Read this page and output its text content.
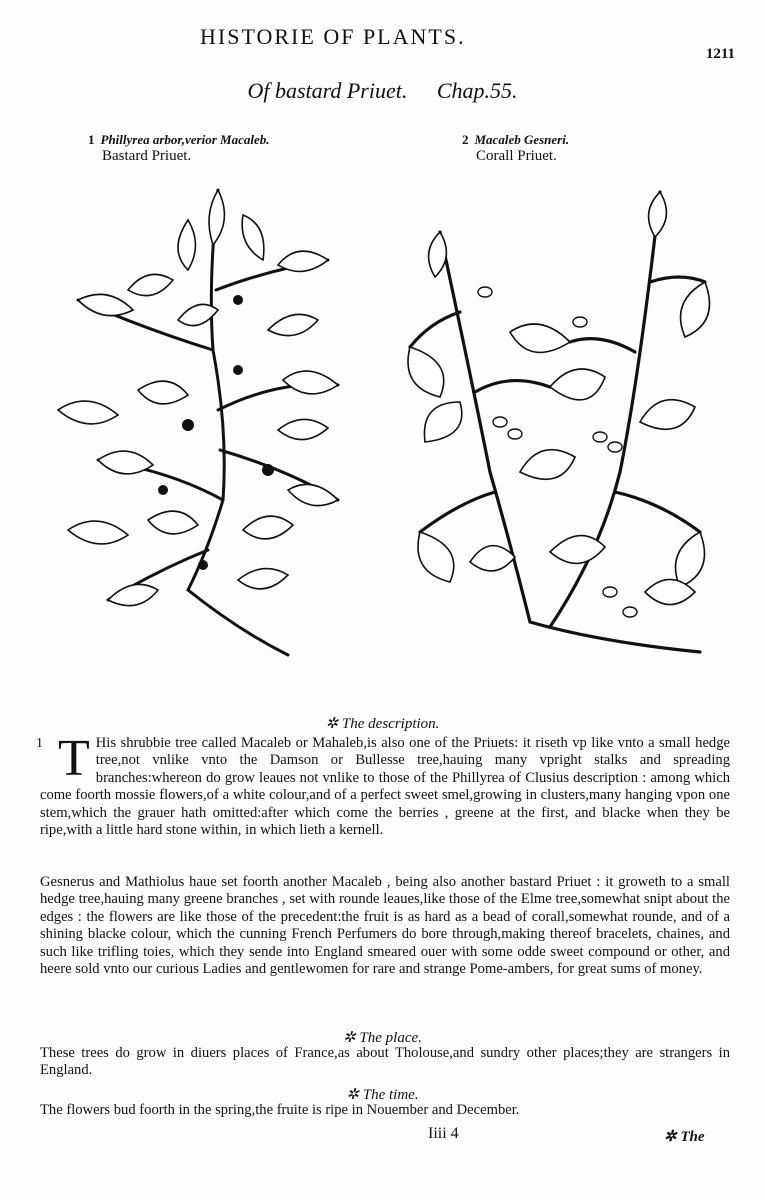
HISTORIE OF PLANTS.
1211
Of bastard Priuet. Chap.55.
1 Phillyrea arbor,verior Macaleb.
Bastard Priuet.
2 Macaleb Gesneri.
Corall Priuet.
✲ The description.
1 T His shrubbie tree called Macaleb or Mahaleb,is also one of the Priuets: it riseth vp like vnto a small hedge tree,not vnlike vnto the Damson or Bullesse tree,hauing many vpright stalks and spreading branches:whereon do grow leaues not vnlike to those of the Phillyrea of Clusius description : among which come foorth mossie flowers,of a white colour,and of a perfect sweet smel,growing in clusters,many hanging vpon one stem,which the grauer hath omitted:after which come the berries , greene at the first, and blacke when they be ripe,with a little hard stone within, in which lieth a kernell.
Gesnerus and Mathiolus haue set foorth another Macaleb , being also another bastard Priuet : it groweth to a small hedge tree,hauing many greene branches , set with rounde leaues,like those of the Elme tree,somewhat snipt about the edges : the flowers are like those of the precedent:the fruit is as hard as a bead of corall,somewhat rounde, and of a shining blacke colour, which the cunning French Perfumers do bore through,making thereof bracelets, chaines, and such like trifling toies, which they sende into England smeared ouer with some odde sweet compound or other, and heere sold vnto our curious Ladies and gentlewomen for rare and strange Pome-ambers, for great sums of money.
✲ The place.
These trees do grow in diuers places of France,as about Tholouse,and sundry other places;they are strangers in England.
✲ The time.
The flowers bud foorth in the spring,the fruite is ripe in Nouember and December.
Iiii 4	✲ The
